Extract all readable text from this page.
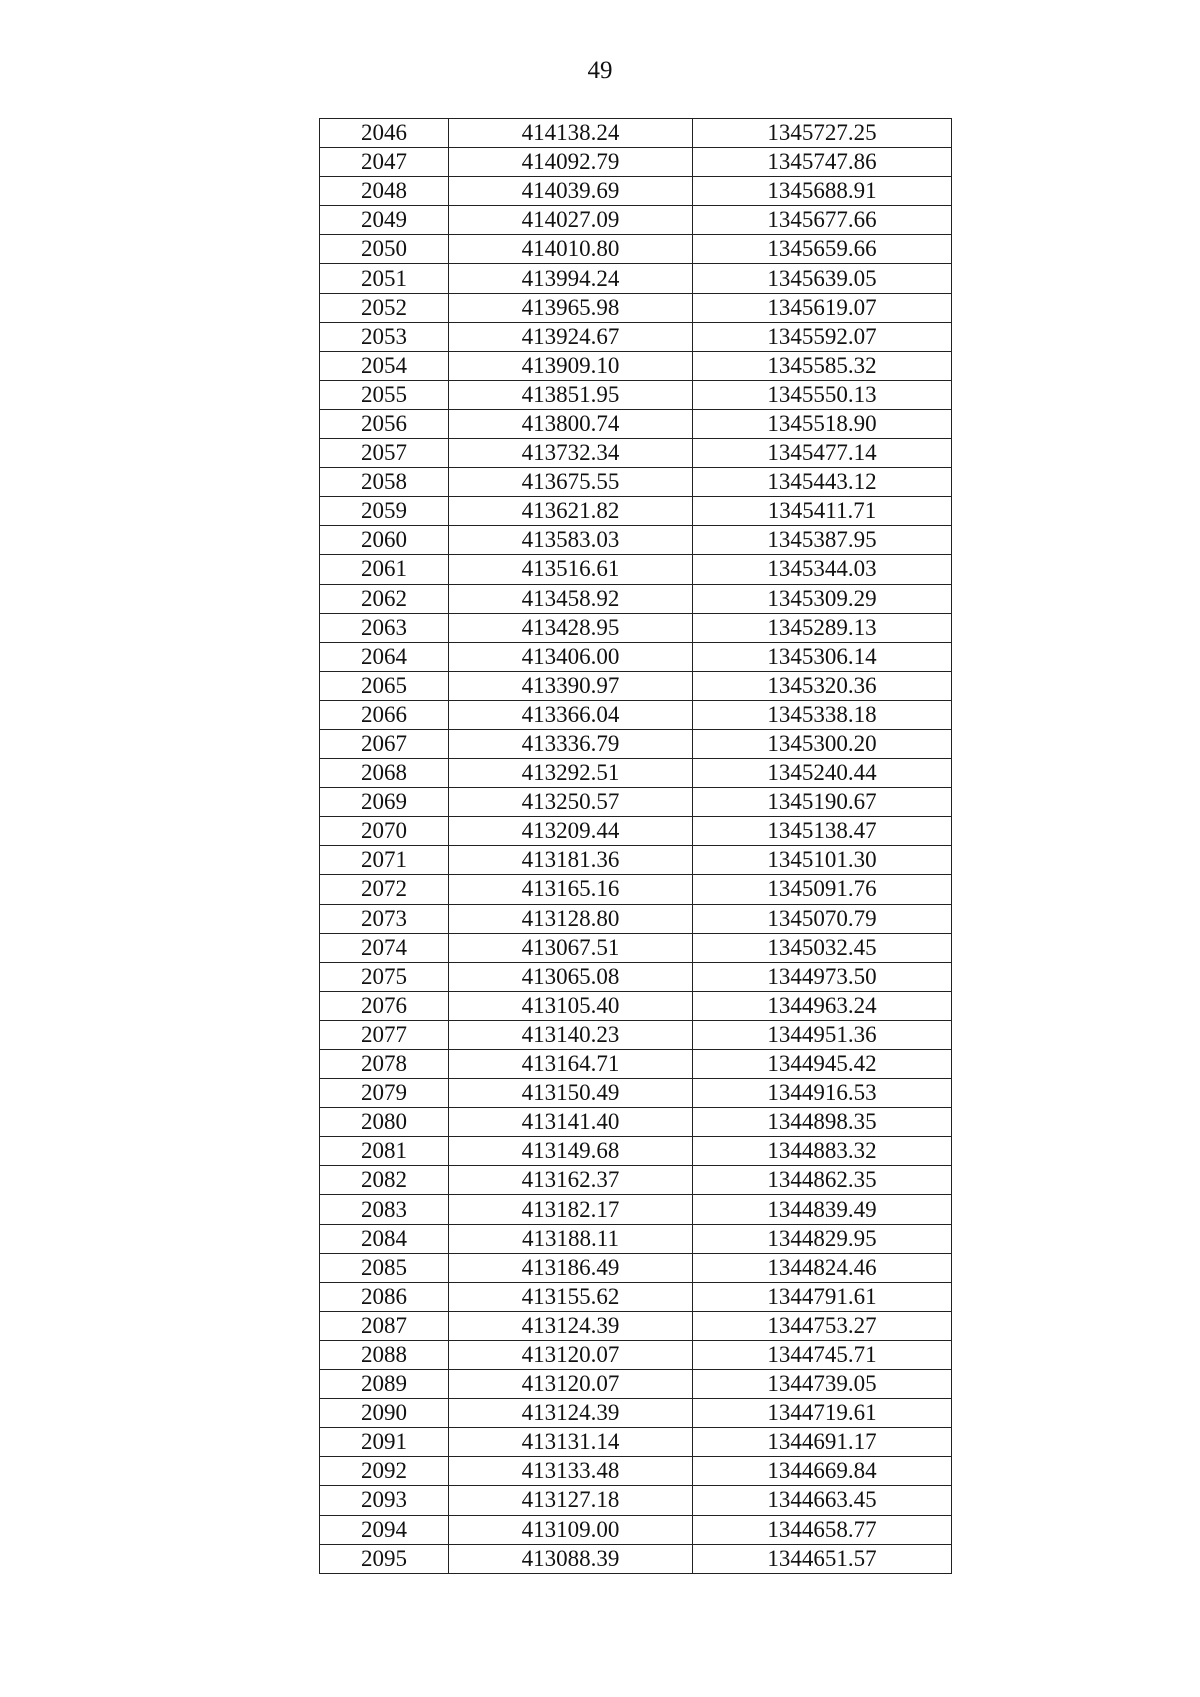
49
2046	414138.24	1345727.25
2047	414092.79	1345747.86
2048	414039.69	1345688.91
2049	414027.09	1345677.66
2050	414010.80	1345659.66
2051	413994.24	1345639.05
2052	413965.98	1345619.07
2053	413924.67	1345592.07
2054	413909.10	1345585.32
2055	413851.95	1345550.13
2056	413800.74	1345518.90
2057	413732.34	1345477.14
2058	413675.55	1345443.12
2059	413621.82	1345411.71
2060	413583.03	1345387.95
2061	413516.61	1345344.03
2062	413458.92	1345309.29
2063	413428.95	1345289.13
2064	413406.00	1345306.14
2065	413390.97	1345320.36
2066	413366.04	1345338.18
2067	413336.79	1345300.20
2068	413292.51	1345240.44
2069	413250.57	1345190.67
2070	413209.44	1345138.47
2071	413181.36	1345101.30
2072	413165.16	1345091.76
2073	413128.80	1345070.79
2074	413067.51	1345032.45
2075	413065.08	1344973.50
2076	413105.40	1344963.24
2077	413140.23	1344951.36
2078	413164.71	1344945.42
2079	413150.49	1344916.53
2080	413141.40	1344898.35
2081	413149.68	1344883.32
2082	413162.37	1344862.35
2083	413182.17	1344839.49
2084	413188.11	1344829.95
2085	413186.49	1344824.46
2086	413155.62	1344791.61
2087	413124.39	1344753.27
2088	413120.07	1344745.71
2089	413120.07	1344739.05
2090	413124.39	1344719.61
2091	413131.14	1344691.17
2092	413133.48	1344669.84
2093	413127.18	1344663.45
2094	413109.00	1344658.77
2095	413088.39	1344651.57
